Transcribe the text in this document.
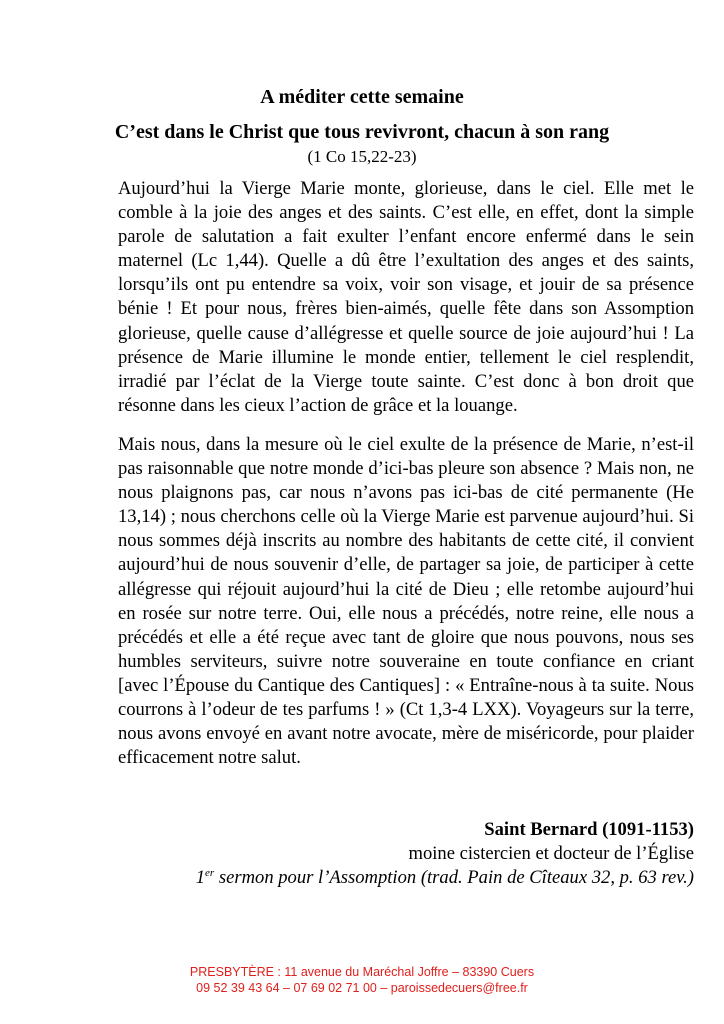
A méditer cette semaine

C’est dans le Christ que tous revivront, chacun à son rang

(1 Co 15,22-23)

Aujourd’hui la Vierge Marie monte, glorieuse, dans le ciel. Elle met le comble à la joie des anges et des saints. C’est elle, en effet, dont la simple parole de salutation a fait exulter l’enfant encore enfermé dans le sein maternel (Lc 1,44). Quelle a dû être l’exultation des anges et des saints, lorsqu’ils ont pu entendre sa voix, voir son visage, et jouir de sa présence bénie ! Et pour nous, frères bien-aimés, quelle fête dans son Assomption glorieuse, quelle cause d’allégresse et quelle source de joie aujourd’hui ! La présence de Marie illumine le monde entier, tellement le ciel resplendit, irradié par l’éclat de la Vierge toute sainte. C’est donc à bon droit que résonne dans les cieux l’action de grâce et la louange.

Mais nous, dans la mesure où le ciel exulte de la présence de Marie, n’est-il pas raisonnable que notre monde d’ici-bas pleure son absence ? Mais non, ne nous plaignons pas, car nous n’avons pas ici-bas de cité permanente (He 13,14) ; nous cherchons celle où la Vierge Marie est parvenue aujourd’hui. Si nous sommes déjà inscrits au nombre des habitants de cette cité, il convient aujourd’hui de nous souvenir d’elle, de partager sa joie, de participer à cette allégresse qui réjouit aujourd’hui la cité de Dieu ; elle retombe aujourd’hui en rosée sur notre terre. Oui, elle nous a précédés, notre reine, elle nous a précédés et elle a été reçue avec tant de gloire que nous pouvons, nous ses humbles serviteurs, suivre notre souveraine en toute confiance en criant [avec l’Épouse du Cantique des Cantiques] : « Entraîne-nous à ta suite. Nous courrons à l’odeur de tes parfums ! » (Ct 1,3-4 LXX). Voyageurs sur la terre, nous avons envoyé en avant notre avocate, mère de miséricorde, pour plaider efficacement notre salut.

Saint Bernard (1091-1153)

moine cistercien et docteur de l’Église

1er sermon pour l’Assomption (trad. Pain de Cîteaux 32, p. 63 rev.)

PRESBYTÈRE : 11 avenue du Maréchal Joffre – 83390 Cuers

09 52 39 43 64 – 07 69 02 71 00 – paroissedecuers@free.fr
